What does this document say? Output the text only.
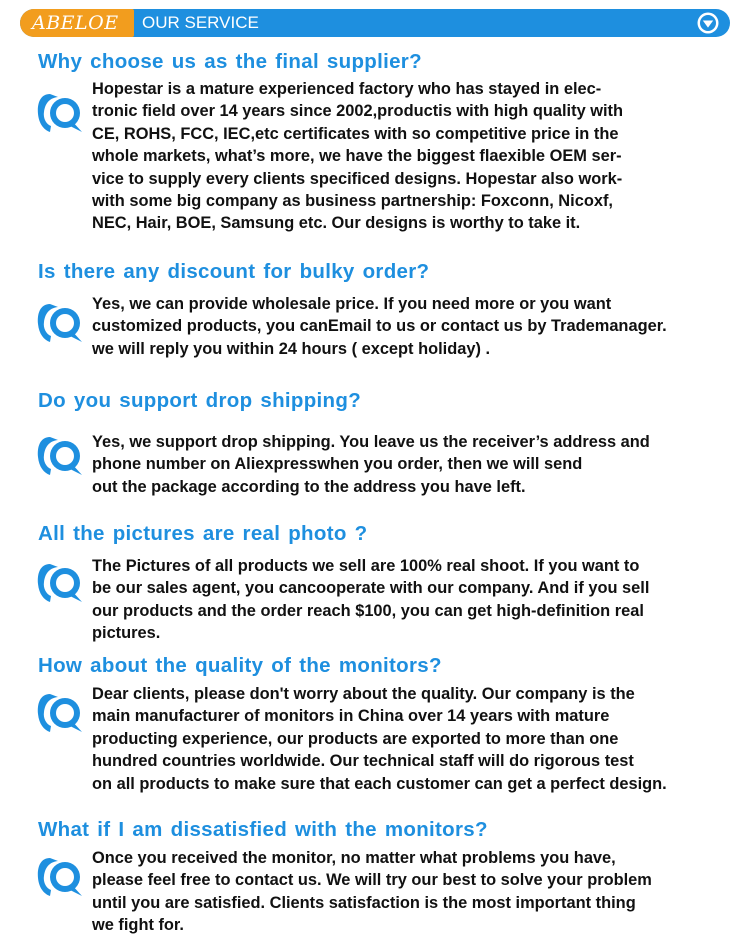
ABELOE OUR SERVICE
Why choose us as the final supplier?

Hopestar is a mature experienced factory who has stayed in elec-
tronic field over 14 years since 2002,productis with high quality with
CE, ROHS, FCC, IEC,etc certificates with so competitive price in the
whole markets, what’s more, we have the biggest flaexible OEM ser-
vice to supply every clients specificed designs. Hopestar also work-
with some big company as business partnership: Foxconn, Nicoxf,
NEC, Hair, BOE, Samsung etc. Our designs is worthy to take it.

Is there any discount for bulky order?

Yes, we can provide wholesale price. If you need more or you want
customized products, you canEmail to us or contact us by Trademanager.
we will reply you within 24 hours ( except holiday) .

Do you support drop shipping?

Yes, we support drop shipping. You leave us the receiver’s address and
phone number on Aliexpresswhen you order, then we will send
out the package according to the address you have left.

All the pictures are real photo ?

The Pictures of all products we sell are 100% real shoot. If you want to
be our sales agent, you cancooperate with our company. And if you sell
our products and the order reach $100, you can get high-definition real
pictures.

How about the quality of the monitors?

Dear clients, please don't worry about the quality. Our company is the
main manufacturer of monitors in China over 14 years with mature
producting experience, our products are exported to more than one
hundred countries worldwide. Our technical staff will do rigorous test
on all products to make sure that each customer can get a perfect design.

What if I am dissatisfied with the monitors?

Once you received the monitor, no matter what problems you have,
please feel free to contact us. We will try our best to solve your problem
until you are satisfied. Clients satisfaction is the most important thing
we fight for.
